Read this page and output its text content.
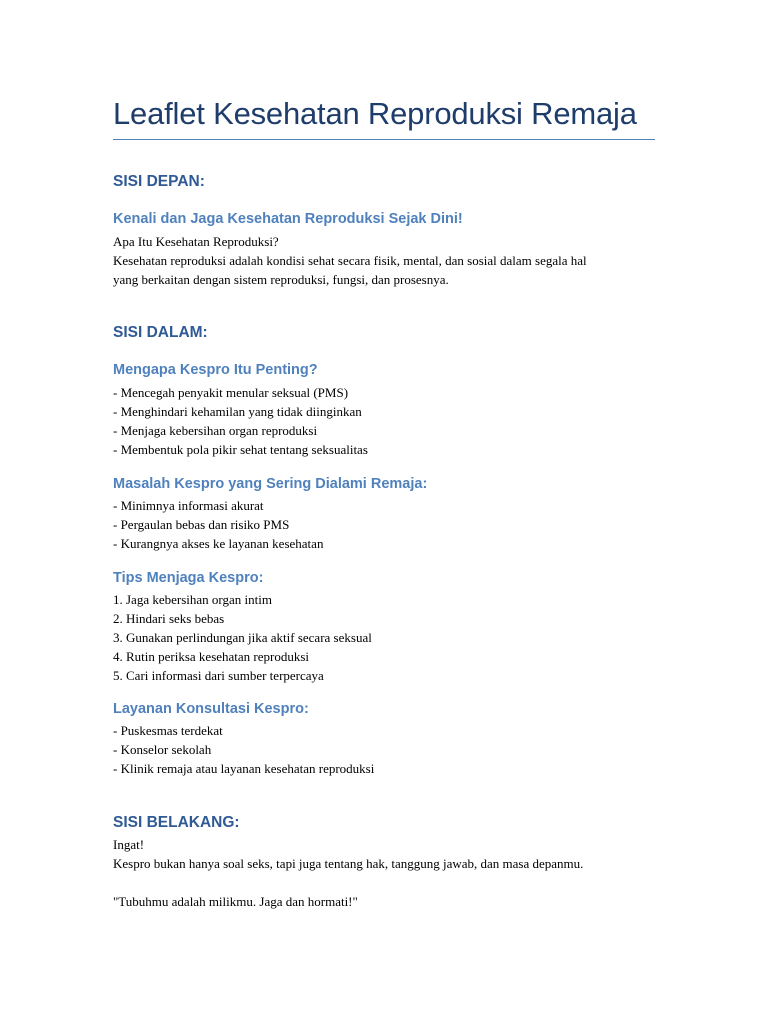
Leaflet Kesehatan Reproduksi Remaja
SISI DEPAN:
Kenali dan Jaga Kesehatan Reproduksi Sejak Dini!
Apa Itu Kesehatan Reproduksi?
Kesehatan reproduksi adalah kondisi sehat secara fisik, mental, dan sosial dalam segala hal
yang berkaitan dengan sistem reproduksi, fungsi, dan prosesnya.
SISI DALAM:
Mengapa Kespro Itu Penting?
- Mencegah penyakit menular seksual (PMS)
- Menghindari kehamilan yang tidak diinginkan
- Menjaga kebersihan organ reproduksi
- Membentuk pola pikir sehat tentang seksualitas
Masalah Kespro yang Sering Dialami Remaja:
- Minimnya informasi akurat
- Pergaulan bebas dan risiko PMS
- Kurangnya akses ke layanan kesehatan
Tips Menjaga Kespro:
1. Jaga kebersihan organ intim
2. Hindari seks bebas
3. Gunakan perlindungan jika aktif secara seksual
4. Rutin periksa kesehatan reproduksi
5. Cari informasi dari sumber terpercaya
Layanan Konsultasi Kespro:
- Puskesmas terdekat
- Konselor sekolah
- Klinik remaja atau layanan kesehatan reproduksi
SISI BELAKANG:
Ingat!
Kespro bukan hanya soal seks, tapi juga tentang hak, tanggung jawab, dan masa depanmu.
"Tubuhmu adalah milikmu. Jaga dan hormati!"
